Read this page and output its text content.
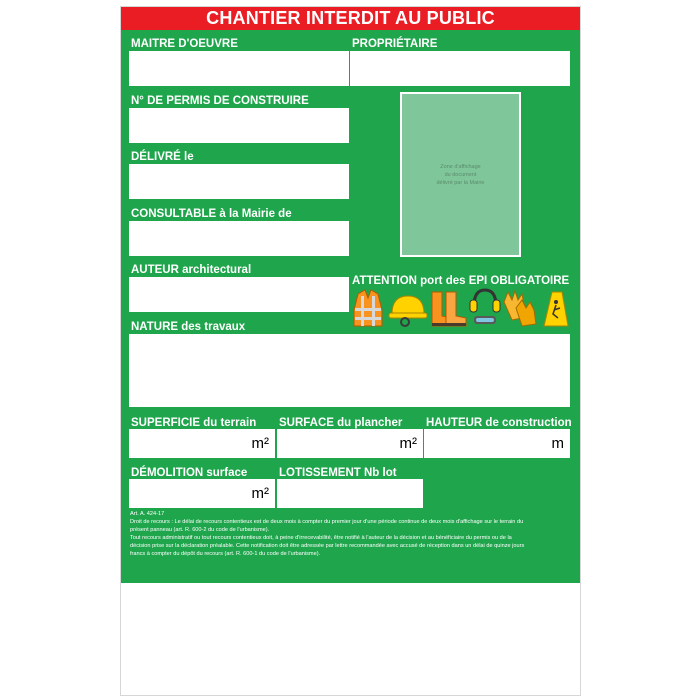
CHANTIER INTERDIT AU PUBLIC
MAITRE D'OEUVRE	PROPRIÉTAIRE
N° DE PERMIS DE CONSTRUIRE
DÉLIVRÉ le
CONSULTABLE à la Mairie de
Zone d'affichage
du document
délivré par la Mairie
AUTEUR architectural
ATTENTION port des EPI OBLIGATOIRE
NATURE des travaux
SUPERFICIE du terrain
m²
SURFACE du plancher
m²
HAUTEUR de construction
m
DÉMOLITION surface
m²
LOTISSEMENT Nb lot
Art. A. 424-17
Droit de recours : Le délai de recours contentieux est de deux mois à compter du premier jour d'une période continue de deux mois d'affichage sur le terrain du
présent panneau (art. R. 600-2 du code de l'urbanisme).
Tout recours administratif ou tout recours contentieux doit, à peine d'irrecevabilité, être notifié à l'auteur de la décision et au bénéficiaire du permis ou de la
décision prise sur la déclaration préalable. Cette notification doit être adressée par lettre recommandée avec accusé de réception dans un délai de quinze jours
francs à compter du dépôt du recours (art. R. 600-1 du code de l'urbanisme).
